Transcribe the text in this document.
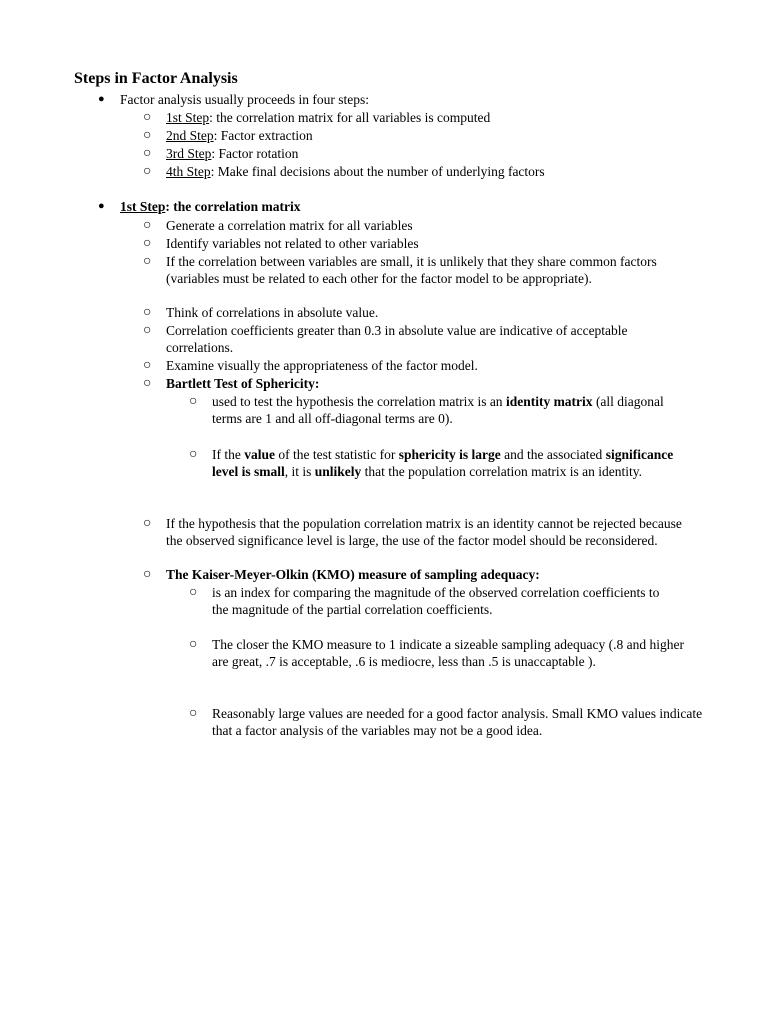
Steps in Factor Analysis
● Factor analysis usually proceeds in four steps:
○ 1st Step: the correlation matrix for all variables is computed
○ 2nd Step: Factor extraction
○ 3rd Step: Factor rotation
○ 4th Step: Make final decisions about the number of underlying factors
● 1st Step: the correlation matrix
○ Generate a correlation matrix for all variables
○ Identify variables not related to other variables
○ If the correlation between variables are small, it is unlikely that they share common factors (variables must be related to each other for the factor model to be appropriate).
○ Think of correlations in absolute value.
○ Correlation coefficients greater than 0.3 in absolute value are indicative of acceptable correlations.
○ Examine visually the appropriateness of the factor model.
○ Bartlett Test of Sphericity:
○ used to test the hypothesis the correlation matrix is an identity matrix (all diagonal terms are 1 and all off-diagonal terms are 0).
○ If the value of the test statistic for sphericity is large and the associated significance level is small, it is unlikely that the population correlation matrix is an identity.
○ If the hypothesis that the population correlation matrix is an identity cannot be rejected because the observed significance level is large, the use of the factor model should be reconsidered.
○ The Kaiser-Meyer-Olkin (KMO) measure of sampling adequacy:
○ is an index for comparing the magnitude of the observed correlation coefficients to the magnitude of the partial correlation coefficients.
○ The closer the KMO measure to 1 indicate a sizeable sampling adequacy (.8 and higher are great, .7 is acceptable, .6 is mediocre, less than .5 is unaccaptable ).
○ Reasonably large values are needed for a good factor analysis. Small KMO values indicate that a factor analysis of the variables may not be a good idea.
